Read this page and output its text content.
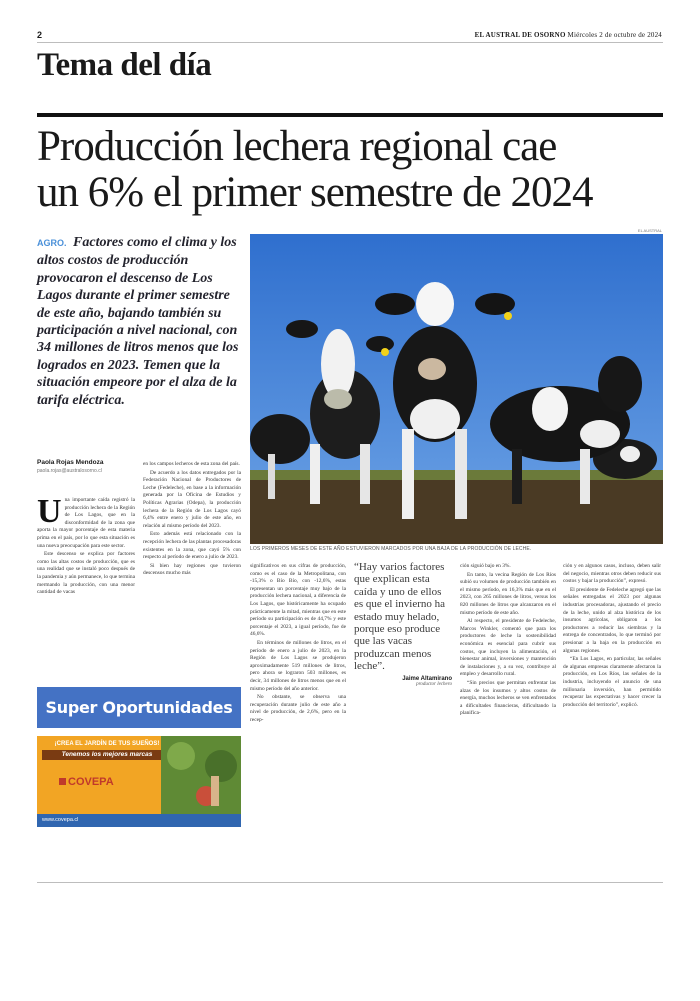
2	EL AUSTRAL DE OSORNO Miércoles 2 de octubre de 2024
Tema del día
Producción lechera regional cae
un 6% el primer semestre de 2024
AGRO. Factores como el clima y los altos costos de producción provocaron el descenso de Los Lagos durante el primer semestre de este año, bajando también su participación a nivel nacional, con 34 millones de litros menos que los logrados en 2023. Temen que la situación empeore por el alza de la tarifa eléctrica.
EL AUSTRAL
LOS PRIMEROS MESES DE ESTE AÑO ESTUVIERON MARCADOS POR UNA BAJA DE LA PRODUCCIÓN DE LECHE.
Paola Rojas Mendoza
paola.rojas@australosorno.cl
U na importante caída registró la producción lechera de la Región de Los Lagos, que en la disconformidad de la zona que aporta la mayor porcentaje de esta materia prima en el país, por lo que esta situación es una nueva preocupación para este sector.

Este descenso se explica por factores como las altas costos de producción, que es una realidad que se instaló poco después de la pandemia y aún permanece, lo que termina mermando la producción, con una menor cantidad de vacas

en los campos lecheros de esta zona del país.

De acuerdo a los datos entregados por la Federación Nacional de Productores de Leche (Fedeleche), en base a la información generada por la Oficina de Estudios y Políticas Agrarias (Odepa), la producción lechera de la Región de Los Lagos cayó 6,4% entre enero y julio de este año, en relación al mismo período del 2023.

Esto además está relacionado con la recepción lechera de las plantas procesadoras existentes en la zona, que cayó 5% con respecto al período de enero a julio de 2023.

Si bien hay regiones que tuvieron descensos mucho más

significativos en sus cifras de producción, como es el caso de la Metropolitana, con -15,3% o Bío Bío, con -12,6%, estas representan un porcentaje muy bajo de la producción lechera nacional, a diferencia de Los Lagos, que históricamente ha ocupado prácticamente la mitad, mientras que en este período su participación es de 44,7% y este porcentaje el 2023, a igual período, fue de 46,6%.

En términos de millones de litros, en el período de enero a julio de 2023, en la Región de Los Lagos se produjeron aproximadamente 519 millones de litros, pero ahora se lograron 503 millones, es decir, 34 millones de litros menos que en el mismo período del año anterior.

No obstante, se observa una recuperación durante julio de este año a nivel de producción, de 2,6%, pero en la recep-

“Hay varios factores que explican esta caída y uno de ellos es que el invierno ha estado muy helado, porque eso produce que las vacas produzcan menos leche”.
Jaime Altamirano
productor lechero

ción siguió bajo en 3%.

En tanto, la vecina Región de Los Ríos subió su volumen de producción también en el mismo período, en 16,3% más que en el 2023, con 265 millones de litros, versus los 820 millones de litros que alcanzaron en el mismo período de este año.

Al respecto, el presidente de Fedeleche, Marcos Winkler, comentó que para los productores de leche la sostenibilidad económica es esencial para cubrir sus costos, que incluyen la alimentación, el bienestar animal, inversiones y mantención de instalaciones y, a su vez, contribuye al empleo y desarrollo rural.

“Sin precios que permitan enfrentar las alzas de los insumos y altos costos de energía, muchos lecheros se ven enfrentados a dificultades financieras, dificultando la planifica-

ción y en algunos casos, incluso, deben salir del negocio, mientras otros deben reducir sus costos y bajar la producción”, expresó.

El presidente de Fedeleche agregó que las señales entregadas el 2023 por algunas industrias procesadoras, ajustando el precio de la leche, unido al alza histórica de los insumos agrícolas, obligaron a los productores a reducir las siembras y la entrega de concentrados, lo que terminó por presionar a la baja en la producción en algunas regiones.

“En Los Lagos, en particular, las señales de algunas empresas claramente afectaron la producción, en Los Ríos, las señales de la industria, incluyendo el anuncio de una millonaria inversión, han permitido recuperar las expectativas y hacer crecer la producción del territorio”, explicó.

Super Oportunidades
¡CREA EL JARDÍN DE TUS SUEÑOS!
Tenemos los mejores marcas
COVEPA
www.covepa.cl
